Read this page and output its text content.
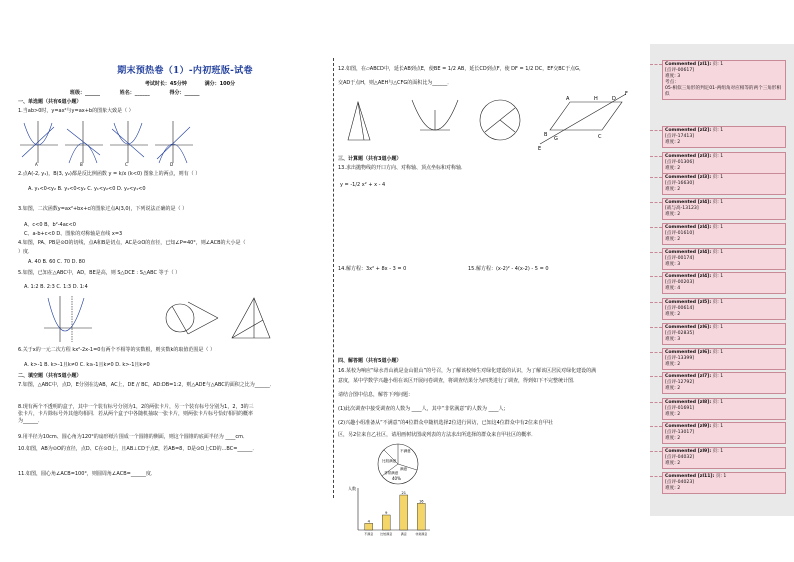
期末预热卷（1）-内初班版-试卷
考试时长：45分钟	满分：100分
班级：______	姓名：______	得分：______
一、单选题（共有6道小题）
1.当ab>0时，y=ax²与y=ax+b的图象大致是（ ）
A	B	C	D
2.点A(-2, y₁)，B(3, y₂)都是反比例函数 y = k/x (k<0) 图象上的两点，则有（ ）
A. y₁<0<y₂ B. y₁<0<y₂ C. y₁<y₂<0 D. y₂<y₁<0
3.如图，二次函数y=ax²+bx+c的图象过点A(3,0)，下列说法正确的是（ ）
A、c<0 B、b²-4ac<0
C、a-b+c<0 D、图象的对称轴是直线 x=3
4.如图，PA、PB是⊙O的切线，点A和B是切点，AC是⊙O的直径，已知∠P=40°，则∠ACB的大小是（
）度．
A. 40 B. 60 C. 70 D. 80
5.如图，已知在△ABC中，AD，BE是高，则 S△DCE : S△ABC 等于（ ）
A. 1:2 B. 2:3 C. 1:3 D. 1:4
6.关于x的一元二次方程 kx²-2x-1=0有两个不相等的实数根，则实数k的取值范围是（ ）
A. k>-1 B. k>-1且k≠0 C. k≥-1且k≠0 D. k>-1且k≠0
二、填空题（共有5道小题）
7.如图，△ABC中，点D，E分别在边AB，AC上，DE // BC，AD:DB=1:2，则△ADE与△ABC的面积之比为______．
8.现有两个不透明的盒子，其中一个装有标号分别为1，2的两张卡片，另一个装有标号分别为1，2，3的三
张卡片，卡片除标号外其他均相同．若从两个盒子中各随机抽取一张卡片，则两张卡片标号恰好相同的概率
为______．
9.用半径为10cm、圆心角为120°的扇形纸片围成一个圆锥的侧面，则这个圆锥的底面半径为 ____cm．
10.如图，AB为⊙O的直径，点D、C在⊙O上，且AB⊥CD于点E，若AB=8，D是⊙O上CD的...BC=______．
11.如图，圆心角∠ACB=100°，则圆周角∠ACB=______度．
12.如图，在▱ABCD中，延长AB到点E，使BE = 1/2 AB，延长CD到点F，使 DF = 1/2 DC，EF交BC于点G，
交AD于点H，则△AEH与△CFG的面积比为______．
A	H	D
F
B
G	C
E
三、计算题（共有3道小题）
13.求出抛物线的开口方向、对称轴、顶点坐标和对称轴．
y = -1/2 x² + x - 4
14.解方程：3x² + 8x - 3 = 0	15.解方程：(x-2)² - 4(x-2) - 5 = 0
四、解答题（共有5道小题）
16.某校为响应“绿水青山就是金山银山”的号召，为了解该校师生对绿化建设的认识，为了解该区居民对绿化建设的满
意度，某中学数学兴趣小组在该区开展问卷调查，将调查结果分为四类进行了调查，得到如下不完整统计图．
请结合图中信息，解答下列问题：
(1)此次调查中接受调查的人数为 ____人，其中“非常满意”的人数为 ____人；
(2)兴趣小组准备从“不满意”的4位群众中随机选择2位进行回访，已知这4位群众中有2位来自甲社
区，另2位来自乙社区，请用画树状图或列表的方法求出所选择的群众来自甲社区的概率．
不满意
比较满意
满意
非常满意
40%
人数
4
不满意
9
比较满意
21
满意
16
非常满意
Commented [zl1]: 页: 1
[点评-00617]
难度: 3
考点：
05-相似三角形的判定01-两组角对应相等的两个三角形相似
Commented [zl2]: 页: 1
[点评-17413]
难度: 2
Commented [zl3]: 页: 1
[点评-01306]
难度: 2
Commented [zl3]: 页: 1
[点评-16630]
难度: 2
Commented [zl4]: 页: 1
[战与高-13123]
难度: 2
Commented [zl4]: 页: 1
[点评-01610]
难度: 2
Commented [zl4]: 页: 1
[点评-00174]
难度: 3
Commented [zl4]: 页: 1
[点评-00203]
难度: 4
Commented [zl5]: 页: 1
[点评-00614]
难度: 2
Commented [zl6]: 页: 1
[点评-02835]
难度: 3
Commented [zl6]: 页: 1
[点评-13399]
难度: 2
Commented [zl7]: 页: 1
[点评-12792]
难度: 2
Commented [zl8]: 页: 1
[点评-01691]
难度: 2
Commented [zl9]: 页: 1
[点评-13017]
难度: 2
Commented [zl9]: 页: 1
[点评-04032]
难度: 2
Commented [zl11]: 页: 1
[点评-04023]
难度: 2
